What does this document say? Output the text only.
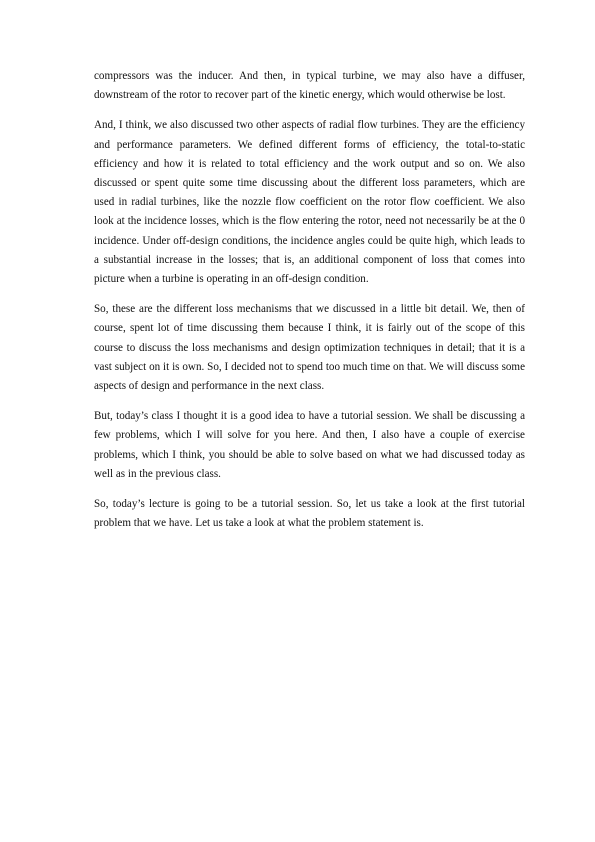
compressors was the inducer. And then, in typical turbine, we may also have a diffuser, downstream of the rotor to recover part of the kinetic energy, which would otherwise be lost.

And, I think, we also discussed two other aspects of radial flow turbines. They are the efficiency and performance parameters. We defined different forms of efficiency, the total-to-static efficiency and how it is related to total efficiency and the work output and so on. We also discussed or spent quite some time discussing about the different loss parameters, which are used in radial turbines, like the nozzle flow coefficient on the rotor flow coefficient. We also look at the incidence losses, which is the flow entering the rotor, need not necessarily be at the 0 incidence. Under off-design conditions, the incidence angles could be quite high, which leads to a substantial increase in the losses; that is, an additional component of loss that comes into picture when a turbine is operating in an off-design condition.

So, these are the different loss mechanisms that we discussed in a little bit detail. We, then of course, spent lot of time discussing them because I think, it is fairly out of the scope of this course to discuss the loss mechanisms and design optimization techniques in detail; that it is a vast subject on it is own. So, I decided not to spend too much time on that. We will discuss some aspects of design and performance in the next class.

But, today’s class I thought it is a good idea to have a tutorial session. We shall be discussing a few problems, which I will solve for you here. And then, I also have a couple of exercise problems, which I think, you should be able to solve based on what we had discussed today as well as in the previous class.

So, today’s lecture is going to be a tutorial session. So, let us take a look at the first tutorial problem that we have. Let us take a look at what the problem statement is.
